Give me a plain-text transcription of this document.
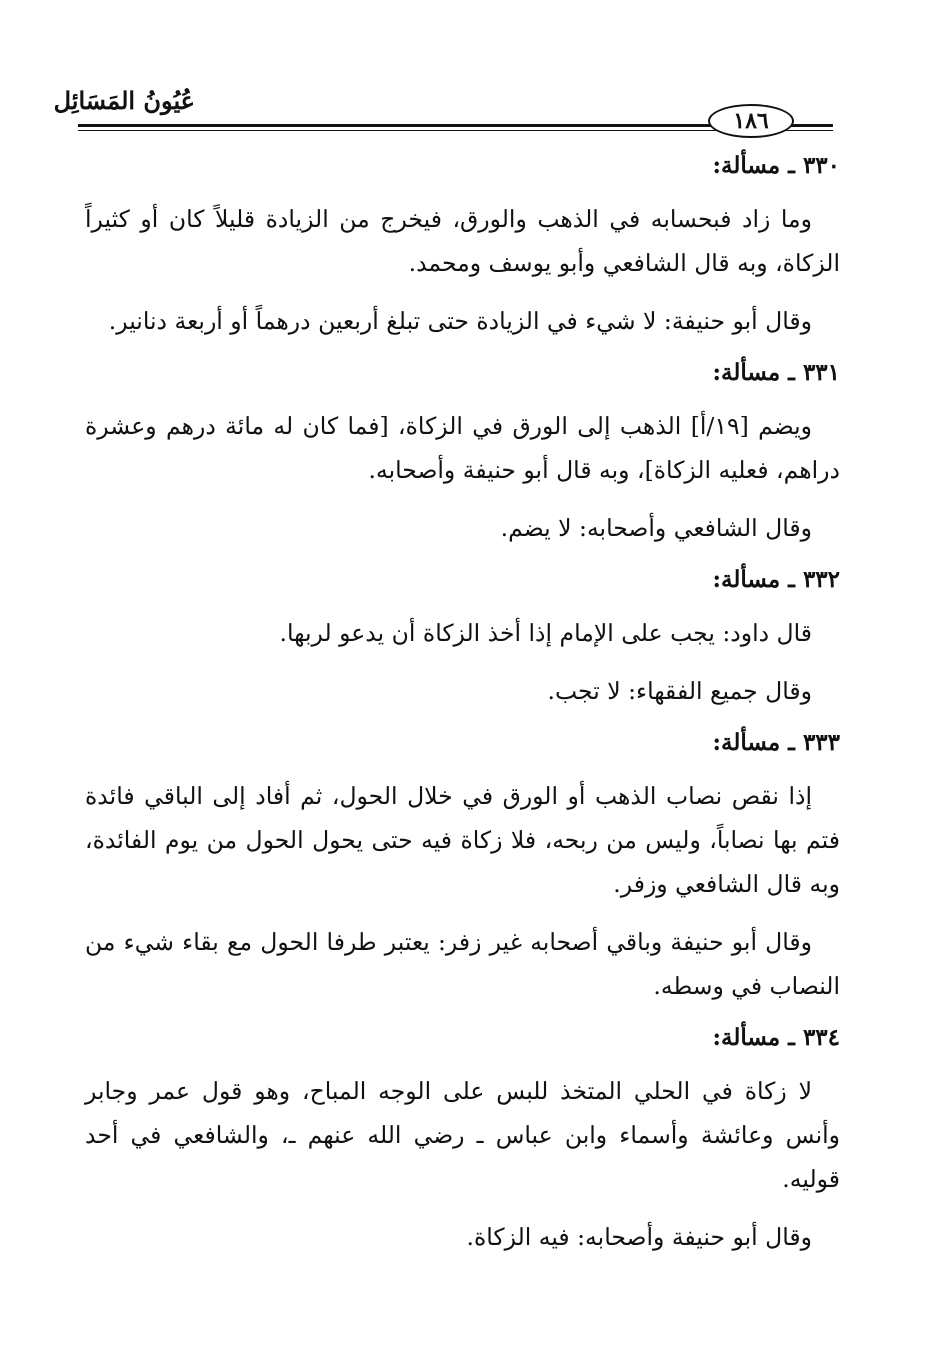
عُيُونُ المَسَائِل
١٨٦
٣٣٠ ـ مسألة:

وما زاد فبحسابه في الذهب والورق، فيخرج من الزيادة قليلاً كان أو كثيراً الزكاة، وبه قال الشافعي وأبو يوسف ومحمد.

وقال أبو حنيفة: لا شيء في الزيادة حتى تبلغ أربعين درهماً أو أربعة دنانير.

٣٣١ ـ مسألة:

ويضم [١٩/أ] الذهب إلى الورق في الزكاة، [فما كان له مائة درهم وعشرة دراهم، فعليه الزكاة]، وبه قال أبو حنيفة وأصحابه.

وقال الشافعي وأصحابه: لا يضم.

٣٣٢ ـ مسألة:

قال داود: يجب على الإمام إذا أخذ الزكاة أن يدعو لربها.

وقال جميع الفقهاء: لا تجب.

٣٣٣ ـ مسألة:

إذا نقص نصاب الذهب أو الورق في خلال الحول، ثم أفاد إلى الباقي فائدة فتم بها نصاباً، وليس من ربحه، فلا زكاة فيه حتى يحول الحول من يوم الفائدة، وبه قال الشافعي وزفر.

وقال أبو حنيفة وباقي أصحابه غير زفر: يعتبر طرفا الحول مع بقاء شيء من النصاب في وسطه.

٣٣٤ ـ مسألة:

لا زكاة في الحلي المتخذ للبس على الوجه المباح، وهو قول عمر وجابر وأنس وعائشة وأسماء وابن عباس ـ رضي الله عنهم ـ، والشافعي في أحد قوليه.

وقال أبو حنيفة وأصحابه: فيه الزكاة.
